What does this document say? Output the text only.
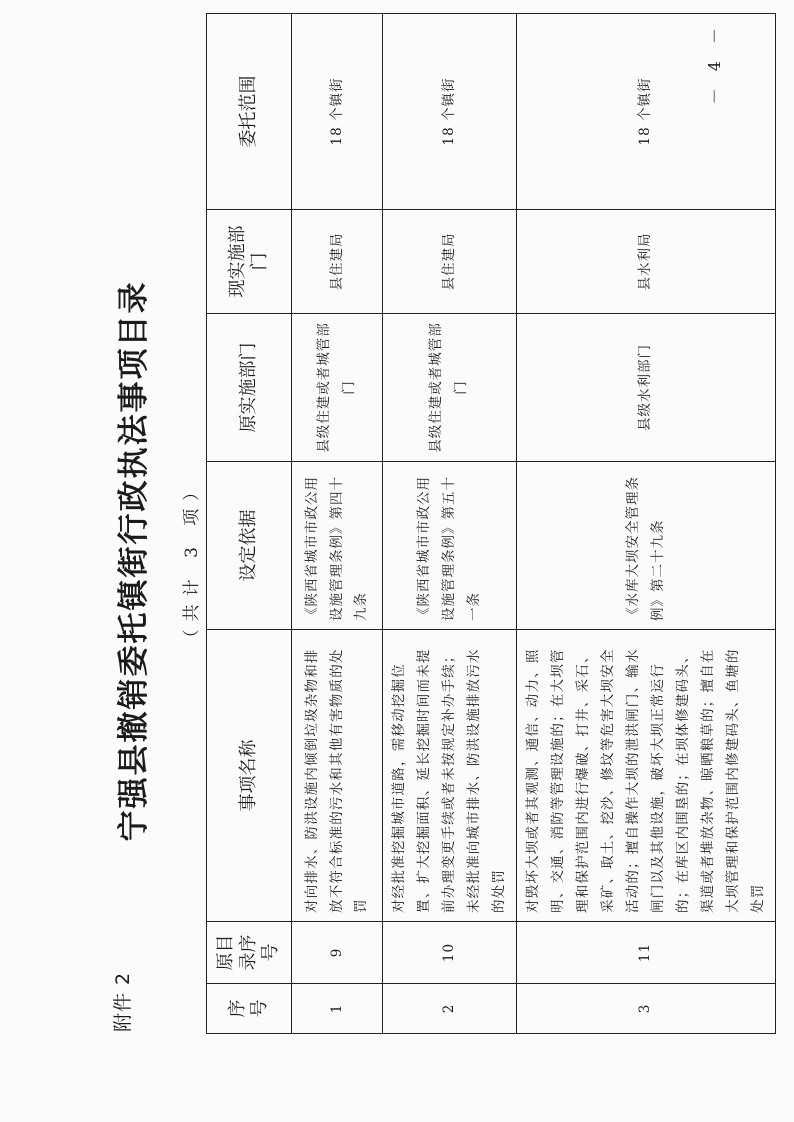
附件 2
宁强县撤销委托镇街行政执法事项目录 （共计 3 项）
序号	原目录序号	事项名称	设定依据	原实施部门	现实施部门	委托范围
1	9	对向排水、防洪设施内倾倒垃圾杂物和排放不符合标准的污水和其他有害物质的处罚	《陕西省城市市政公用设施管理条例》第四十九条	县级住建或者城管部门	县住建局	18 个镇街
2	10	对经批准挖掘城市道路，需移动挖掘位置、扩大挖掘面积、延长挖掘时间而未提前办理变更手续或者未按规定补办手续；未经批准向城市排水、防洪设施排放污水的处罚	《陕西省城市市政公用设施管理条例》第五十一条	县级住建或者城管部门	县住建局	18 个镇街
3	11	对毁坏大坝或者其观测、通信、动力、照明、交通、消防等管理设施的；在大坝管理和保护范围内进行爆破、打井、采石、采矿、取土、挖沙、修坟等危害大坝安全活动的；擅自操作大坝的泄洪闸门、输水闸门以及其他设施，破坏大坝正常运行的；在库区内围垦的；在坝体修建码头、渠道或者堆放杂物、晾晒粮草的；擅自在大坝管理和保护范围内修建码头、鱼塘的处罚	《水库大坝安全管理条例》第二十九条	县级水利部门	县水利局	18 个镇街
－ 4 －
